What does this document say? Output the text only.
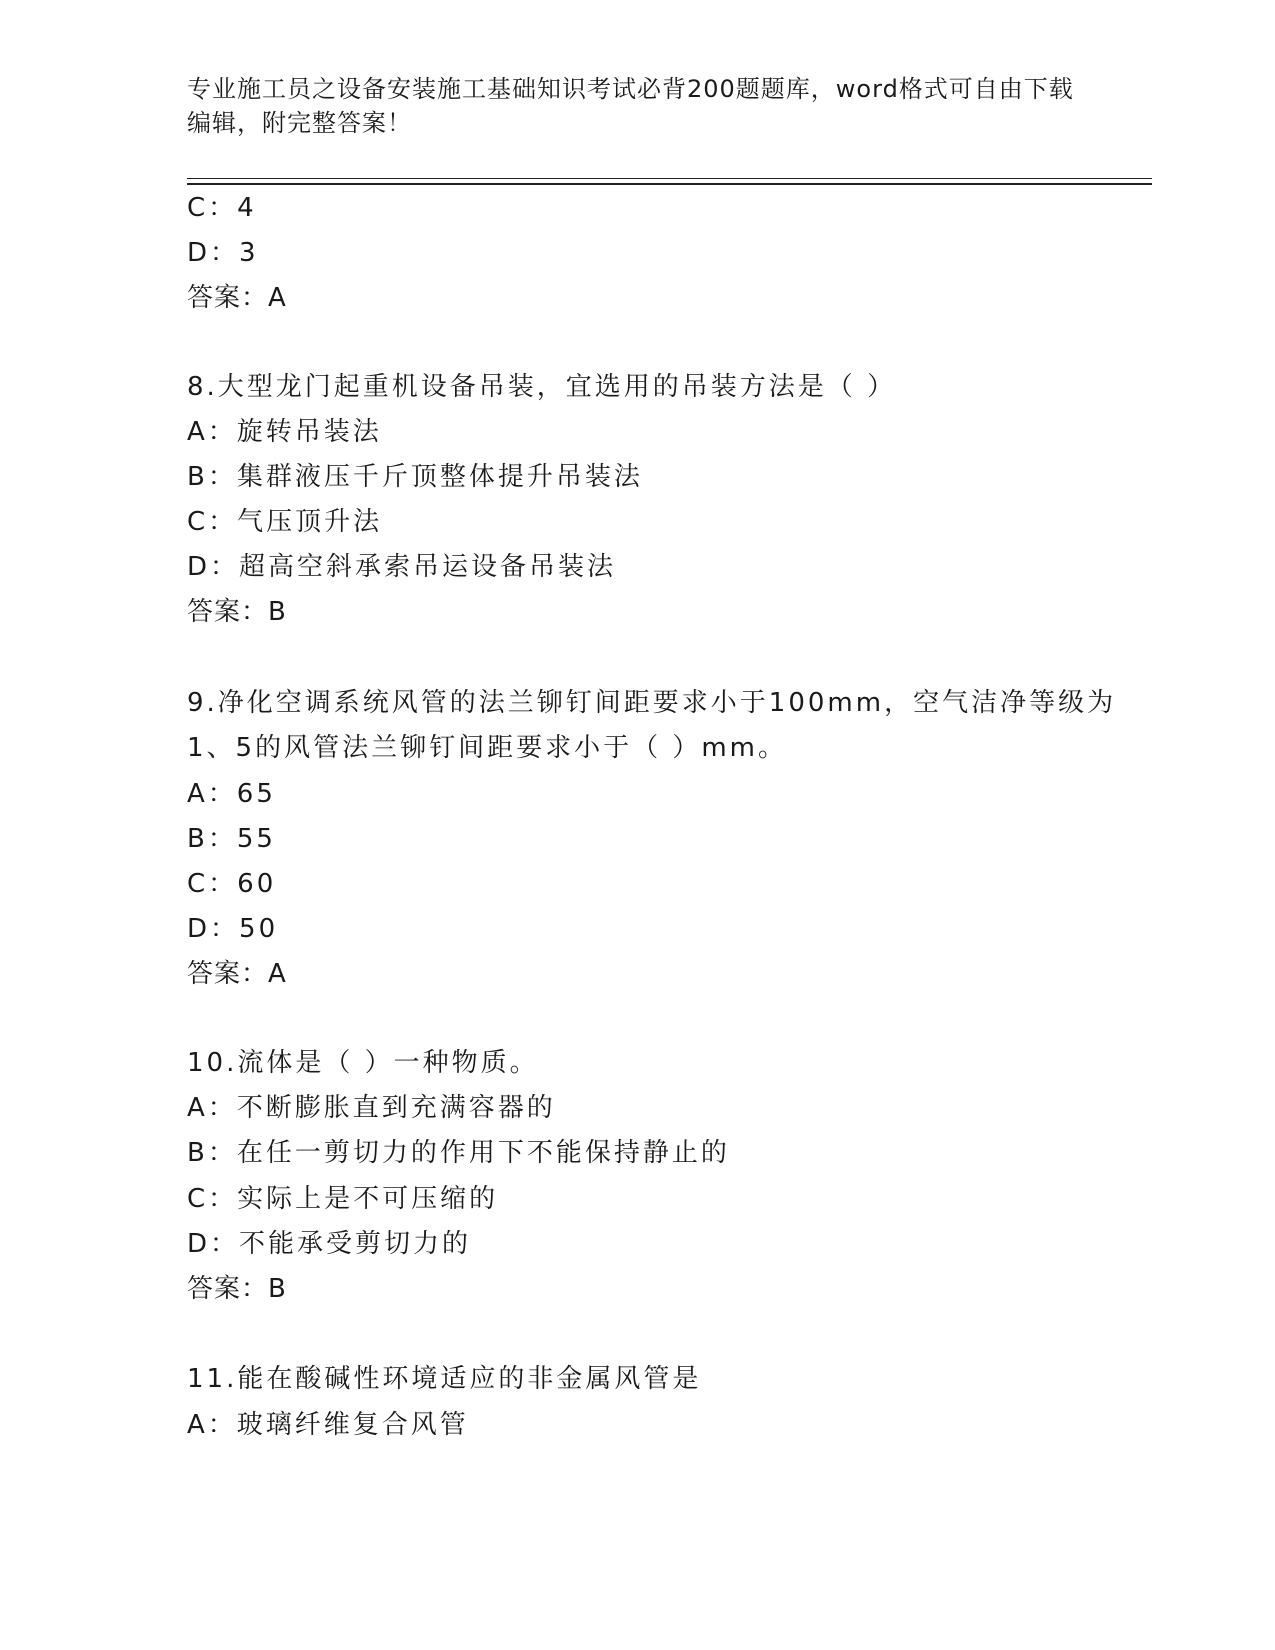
专业施工员之设备安装施工基础知识考试必背200题题库，word格式可自由下载
编辑，附完整答案！
C：4
D：3
答案：A
8.大型龙门起重机设备吊装，宜选用的吊装方法是（ ）
A：旋转吊装法
B：集群液压千斤顶整体提升吊装法
C：气压顶升法
D：超高空斜承索吊运设备吊装法
答案：B
9.净化空调系统风管的法兰铆钉间距要求小于100mm，空气洁净等级为
1、5的风管法兰铆钉间距要求小于（ ）mm。
A：65
B：55
C：60
D：50
答案：A
10.流体是（ ）一种物质。
A：不断膨胀直到充满容器的
B：在任一剪切力的作用下不能保持静止的
C：实际上是不可压缩的
D：不能承受剪切力的
答案：B
11.能在酸碱性环境适应的非金属风管是
A：玻璃纤维复合风管
